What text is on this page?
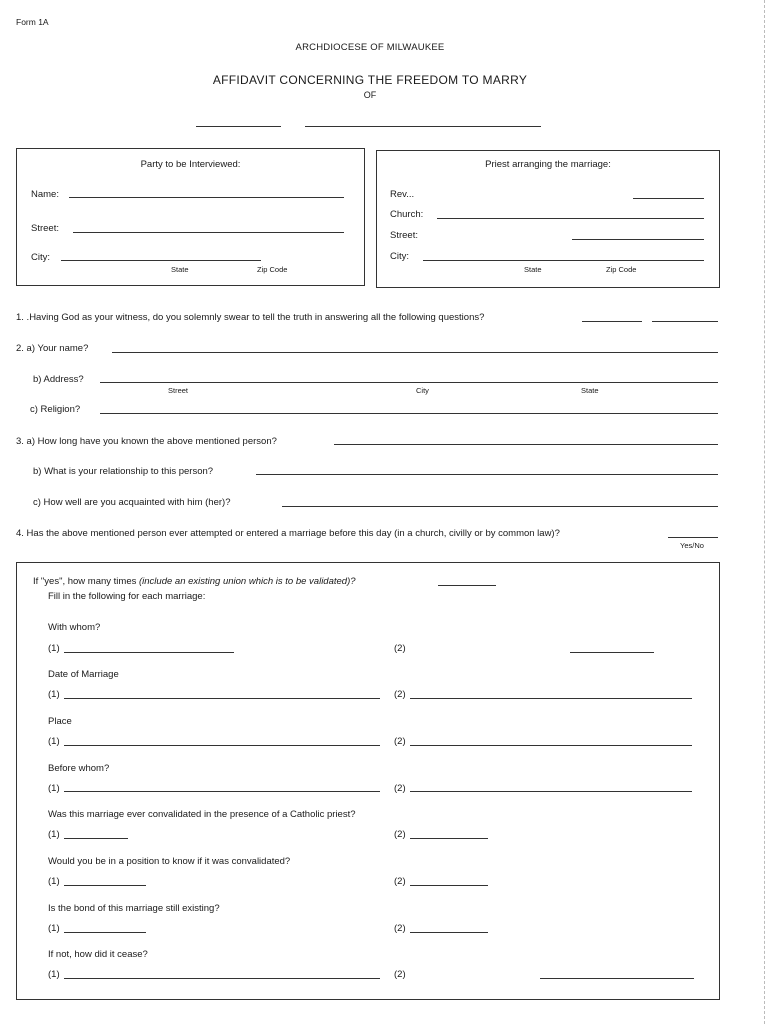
Form 1A
ARCHDIOCESE OF MILWAUKEE
AFFIDAVIT CONCERNING THE FREEDOM TO MARRY
OF
Party to be Interviewed:
Name:
Street:
City:
State	Zip Code
Priest arranging the marriage:
Rev...
Church:
Street:
City:
State	Zip Code
1. .Having God as your witness, do you solemnly swear to tell the truth in answering all the following questions?
2. a) Your name?
b) Address?
Street	City	State
c) Religion?
3. a) How long have you known the above mentioned person?
b) What is your relationship to this person?
c) How well are you acquainted with him (her)?
4. Has the above mentioned person ever attempted or entered a marriage before this day (in a church, civilly or by common law)?
Yes/No
If "yes", how many times (include an existing union which is to be validated)?
Fill in the following for each marriage:
With whom?
(1)	(2)
Date of Marriage
(1)	(2)
Place
(1)	(2)
Before whom?
(1)	(2)
Was this marriage ever convalidated in the presence of a Catholic priest?
(1)	(2)
Would you be in a position to know if it was convalidated?
(1)	(2)
Is the bond of this marriage still existing?
(1)	(2)
If not, how did it cease?
(1)	(2)
